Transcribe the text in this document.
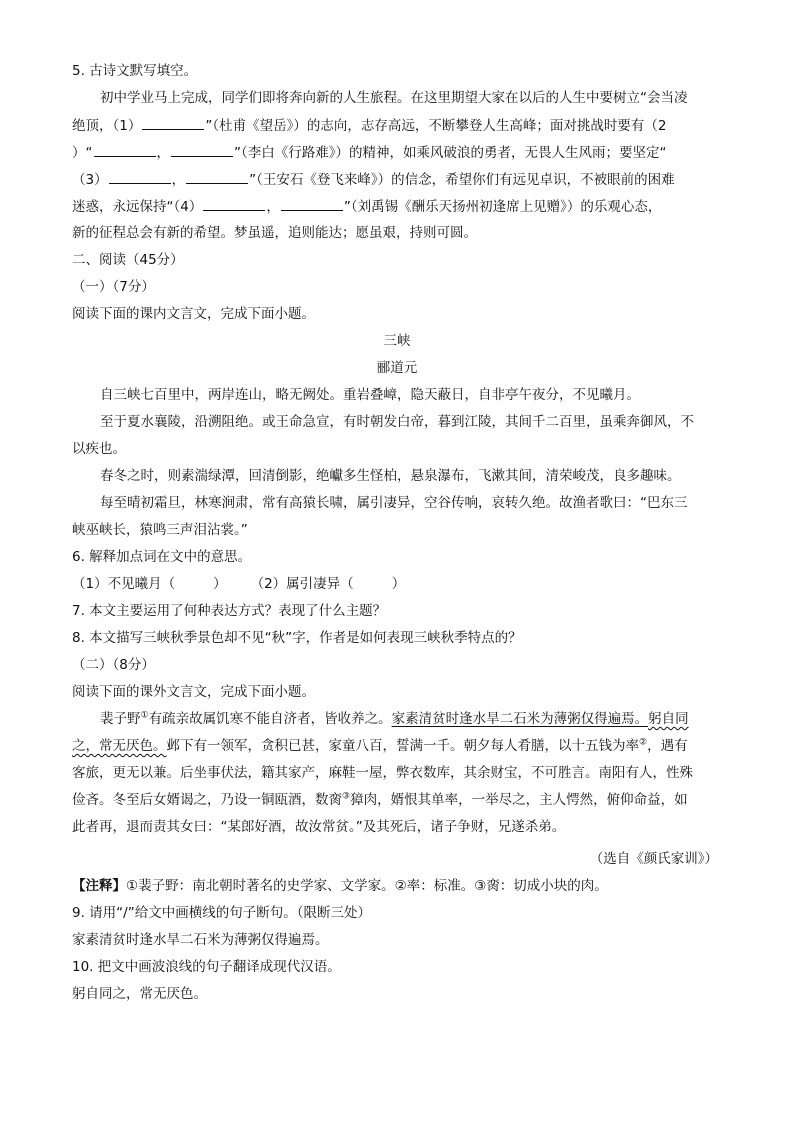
5. 古诗文默写填空。
初中学业马上完成，同学们即将奔向新的人生旅程。在这里期望大家在以后的人生中要树立“会当凌
绝顶，（1）	”（杜甫《望岳》）的志向，志存高远，不断攀登人生高峰；面对挑战时要有（2
）“	，	”（李白《行路难》）的精神，如乘风破浪的勇者，无畏人生风雨；要坚定“
（3）	，	”（王安石《登飞来峰》）的信念，希望你们有远见卓识，不被眼前的困难
迷惑，永远保持“（4）	，	”（刘禹锡《酬乐天扬州初逢席上见赠》）的乐观心态，
新的征程总会有新的希望。梦虽遥，追则能达；愿虽艰，持则可圆。
二、阅读（45分）
（一）（7分）
阅读下面的课内文言文，完成下面小题。
三峡
郦道元
自三峡七百里中，两岸连山，略无阙处。重岩叠嶂，隐天蔽日，自非亭午夜分，不见曦月。
至于夏水襄陵，沿溯阻绝。或王命急宣，有时朝发白帝，暮到江陵，其间千二百里，虽乘奔御风，不
以疾也。
春冬之时，则素湍绿潭，回清倒影，绝巘多生怪柏，悬泉瀑布，飞漱其间，清荣峻茂，良多趣味。
每至晴初霜旦，林寒涧肃，常有高猿长啸，属引凄异，空谷传响，哀转久绝。故渔者歌曰：“巴东三
峡巫峡长，猿鸣三声泪沾裳。”
6. 解释加点词在文中的意思。
（1）不见曦月（	） （2）属引凄异（	）
7. 本文主要运用了何种表达方式？表现了什么主题？
8. 本文描写三峡秋季景色却不见“秋”字，作者是如何表现三峡秋季特点的？
（二）（8分）
阅读下面的课外文言文，完成下面小题。
裴子野①有疏亲故属饥寒不能自济者，皆收养之。家素清贫时逢水旱二石米为薄粥仅得遍焉。躬自同
之，常无厌色。邺下有一领军，贪积已甚，家童八百，誓满一千。朝夕每人肴膳，以十五钱为率②，遇有
客旅，更无以兼。后坐事伏法，籍其家产，麻鞋一屋，弊衣数库，其余财宝，不可胜言。南阳有人，性殊
俭吝。冬至后女婿谒之，乃设一铜瓯酒，数脔③獐肉，婿恨其单率，一举尽之，主人愕然，俯仰命益，如
此者再，退而责其女曰：“某郎好酒，故汝常贫。”及其死后，诸子争财，兄遂杀弟。
（选自《颜氏家训》）
【注释】①裴子野：南北朝时著名的史学家、文学家。②率：标准。③脔：切成小块的肉。
9. 请用“/”给文中画横线的句子断句。（限断三处）
家素清贫时逢水旱二石米为薄粥仅得遍焉。
10. 把文中画波浪线的句子翻译成现代汉语。
躬自同之，常无厌色。
